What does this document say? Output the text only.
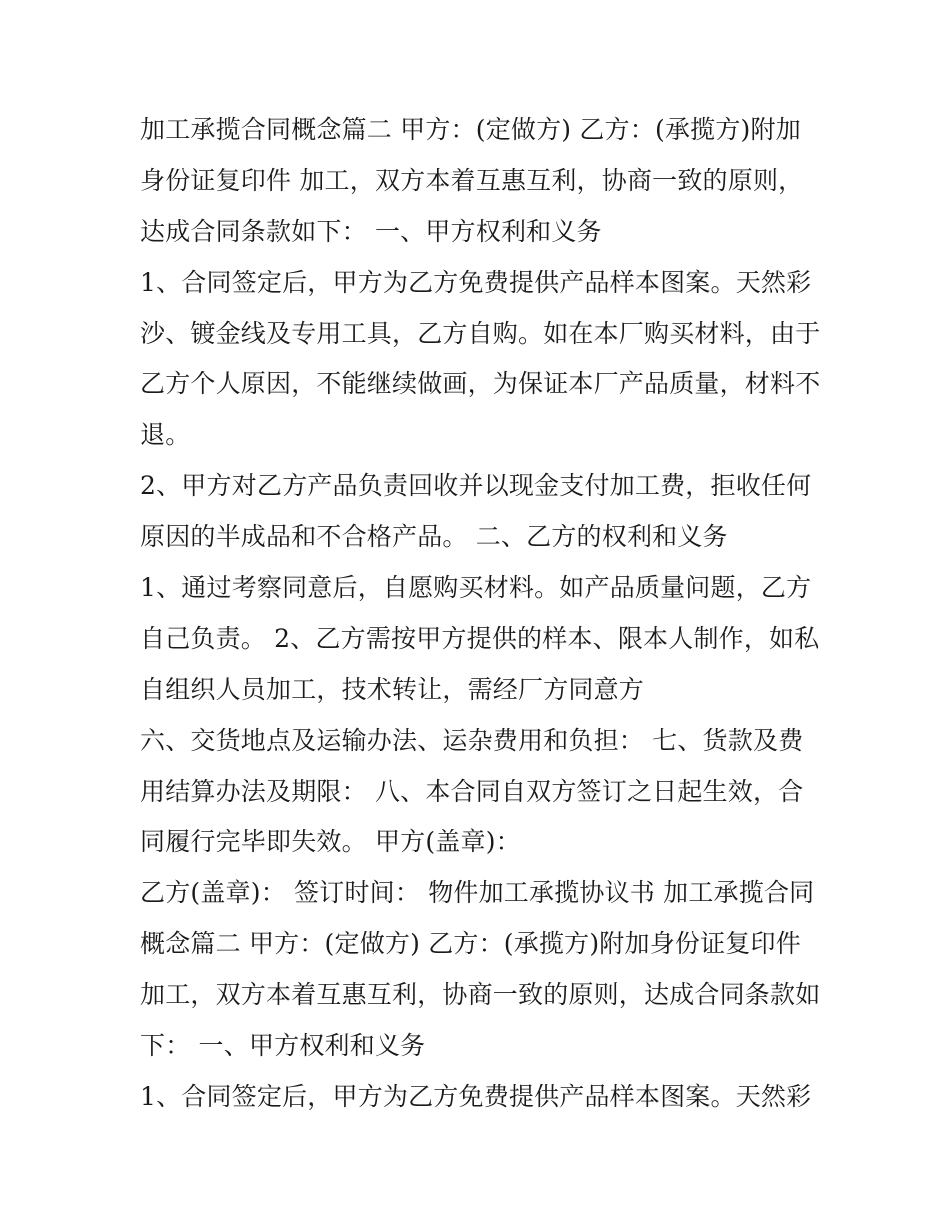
加工承揽合同概念篇二 甲方：(定做方) 乙方：(承揽方)附加
身份证复印件 加工，双方本着互惠互利，协商一致的原则，
达成合同条款如下： 一、甲方权利和义务
1、合同签定后，甲方为乙方免费提供产品样本图案。天然彩
沙、镀金线及专用工具，乙方自购。如在本厂购买材料，由于
乙方个人原因，不能继续做画，为保证本厂产品质量，材料不
退。
2、甲方对乙方产品负责回收并以现金支付加工费，拒收任何
原因的半成品和不合格产品。 二、乙方的权利和义务
1、通过考察同意后，自愿购买材料。如产品质量问题，乙方
自己负责。 2、乙方需按甲方提供的样本、限本人制作，如私
自组织人员加工，技术转让，需经厂方同意方
六、交货地点及运输办法、运杂费用和负担： 七、货款及费
用结算办法及期限： 八、本合同自双方签订之日起生效，合
同履行完毕即失效。 甲方(盖章)：
乙方(盖章)： 签订时间： 物件加工承揽协议书 加工承揽合同
概念篇二 甲方：(定做方) 乙方：(承揽方)附加身份证复印件
加工，双方本着互惠互利，协商一致的原则，达成合同条款如
下： 一、甲方权利和义务
1、合同签定后，甲方为乙方免费提供产品样本图案。天然彩
